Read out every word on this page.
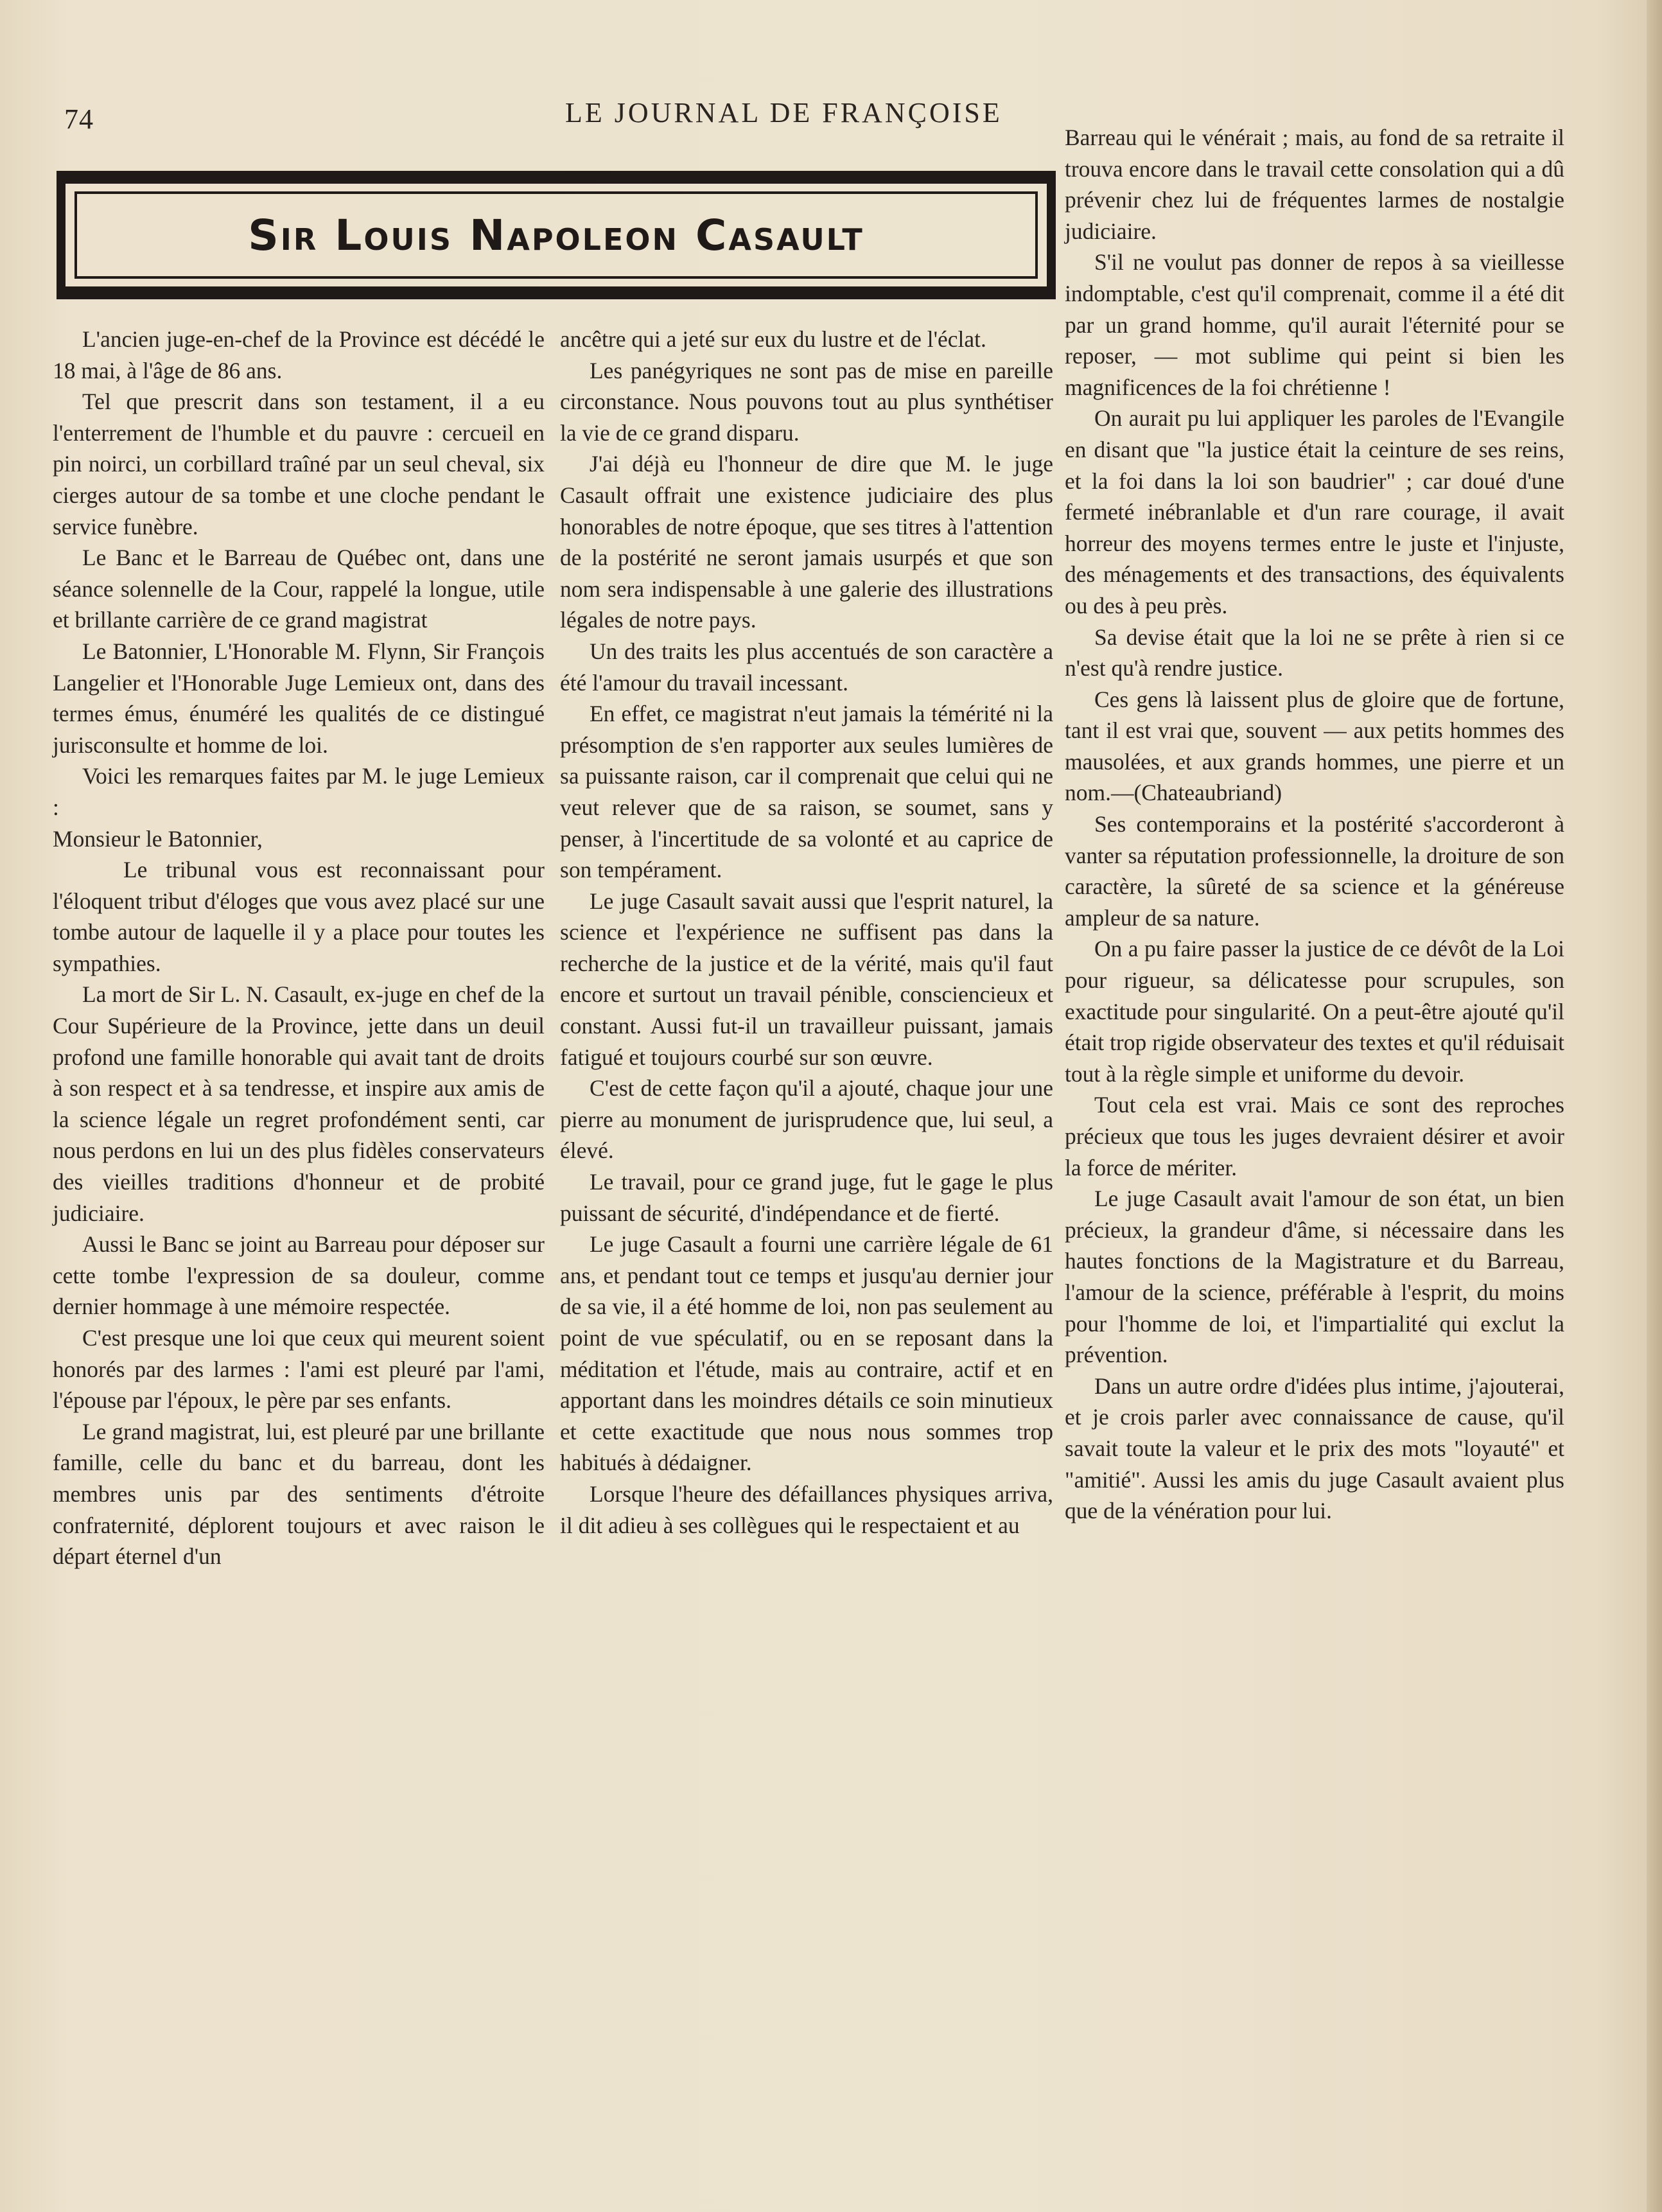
74	LE JOURNAL DE FRANÇOISE
Sir Louis Napoleon Casault

L'ancien juge-en-chef de la Province est décédé le 18 mai, à l'âge de 86 ans.

Tel que prescrit dans son testament, il a eu l'enterrement de l'humble et du pauvre : cercueil en pin noirci, un corbillard traîné par un seul cheval, six cierges autour de sa tombe et une cloche pendant le service funèbre.

Le Banc et le Barreau de Québec ont, dans une séance solennelle de la Cour, rappelé la longue, utile et brillante carrière de ce grand magistrat

Le Batonnier, L'Honorable M. Flynn, Sir François Langelier et l'Honorable Juge Lemieux ont, dans des termes émus, énuméré les qualités de ce distingué jurisconsulte et homme de loi.

Voici les remarques faites par M. le juge Lemieux :

Monsieur le Batonnier,

Le tribunal vous est reconnaissant pour l'éloquent tribut d'éloges que vous avez placé sur une tombe autour de laquelle il y a place pour toutes les sympathies.

La mort de Sir L. N. Casault, ex-juge en chef de la Cour Supérieure de la Province, jette dans un deuil profond une famille honorable qui avait tant de droits à son respect et à sa tendresse, et inspire aux amis de la science légale un regret profondément senti, car nous perdons en lui un des plus fidèles conservateurs des vieilles traditions d'honneur et de probité judiciaire.

Aussi le Banc se joint au Barreau pour déposer sur cette tombe l'expression de sa douleur, comme dernier hommage à une mémoire respectée.

C'est presque une loi que ceux qui meurent soient honorés par des larmes : l'ami est pleuré par l'ami, l'épouse par l'époux, le père par ses enfants.

Le grand magistrat, lui, est pleuré par une brillante famille, celle du banc et du barreau, dont les membres unis par des sentiments d'étroite confraternité, déplorent toujours et avec raison le départ éternel d'un

ancêtre qui a jeté sur eux du lustre et de l'éclat.

Les panégyriques ne sont pas de mise en pareille circonstance. Nous pouvons tout au plus synthétiser la vie de ce grand disparu.

J'ai déjà eu l'honneur de dire que M. le juge Casault offrait une existence judiciaire des plus honorables de notre époque, que ses titres à l'attention de la postérité ne seront jamais usurpés et que son nom sera indispensable à une galerie des illustrations légales de notre pays.

Un des traits les plus accentués de son caractère a été l'amour du travail incessant.

En effet, ce magistrat n'eut jamais la témérité ni la présomption de s'en rapporter aux seules lumières de sa puissante raison, car il comprenait que celui qui ne veut relever que de sa raison, se soumet, sans y penser, à l'incertitude de sa volonté et au caprice de son tempérament.

Le juge Casault savait aussi que l'esprit naturel, la science et l'expérience ne suffisent pas dans la recherche de la justice et de la vérité, mais qu'il faut encore et surtout un travail pénible, consciencieux et constant. Aussi fut-il un travailleur puissant, jamais fatigué et toujours courbé sur son œuvre.

C'est de cette façon qu'il a ajouté, chaque jour une pierre au monument de jurisprudence que, lui seul, a élevé.

Le travail, pour ce grand juge, fut le gage le plus puissant de sécurité, d'indépendance et de fierté.

Le juge Casault a fourni une carrière légale de 61 ans, et pendant tout ce temps et jusqu'au dernier jour de sa vie, il a été homme de loi, non pas seulement au point de vue spéculatif, ou en se reposant dans la méditation et l'étude, mais au contraire, actif et en apportant dans les moindres détails ce soin minutieux et cette exactitude que nous nous sommes trop habitués à dédaigner.

Lorsque l'heure des défaillances physiques arriva, il dit adieu à ses collègues qui le respectaient et au

Barreau qui le vénérait ; mais, au fond de sa retraite il trouva encore dans le travail cette consolation qui a dû prévenir chez lui de fréquentes larmes de nostalgie judiciaire.

S'il ne voulut pas donner de repos à sa vieillesse indomptable, c'est qu'il comprenait, comme il a été dit par un grand homme, qu'il aurait l'éternité pour se reposer, — mot sublime qui peint si bien les magnificences de la foi chrétienne !

On aurait pu lui appliquer les paroles de l'Evangile en disant que "la justice était la ceinture de ses reins, et la foi dans la loi son baudrier" ; car doué d'une fermeté inébranlable et d'un rare courage, il avait horreur des moyens termes entre le juste et l'injuste, des ménagements et des transactions, des équivalents ou des à peu près.

Sa devise était que la loi ne se prête à rien si ce n'est qu'à rendre justice.

Ces gens là laissent plus de gloire que de fortune, tant il est vrai que, souvent — aux petits hommes des mausolées, et aux grands hommes, une pierre et un nom.—(Chateaubriand)

Ses contemporains et la postérité s'accorderont à vanter sa réputation professionnelle, la droiture de son caractère, la sûreté de sa science et la généreuse ampleur de sa nature.

On a pu faire passer la justice de ce dévôt de la Loi pour rigueur, sa délicatesse pour scrupules, son exactitude pour singularité. On a peut-être ajouté qu'il était trop rigide observateur des textes et qu'il réduisait tout à la règle simple et uniforme du devoir.

Tout cela est vrai. Mais ce sont des reproches précieux que tous les juges devraient désirer et avoir la force de mériter.

Le juge Casault avait l'amour de son état, un bien précieux, la grandeur d'âme, si nécessaire dans les hautes fonctions de la Magistrature et du Barreau, l'amour de la science, préférable à l'esprit, du moins pour l'homme de loi, et l'impartialité qui exclut la prévention.

Dans un autre ordre d'idées plus intime, j'ajouterai, et je crois parler avec connaissance de cause, qu'il savait toute la valeur et le prix des mots "loyauté" et "amitié". Aussi les amis du juge Casault avaient plus que de la vénération pour lui.
